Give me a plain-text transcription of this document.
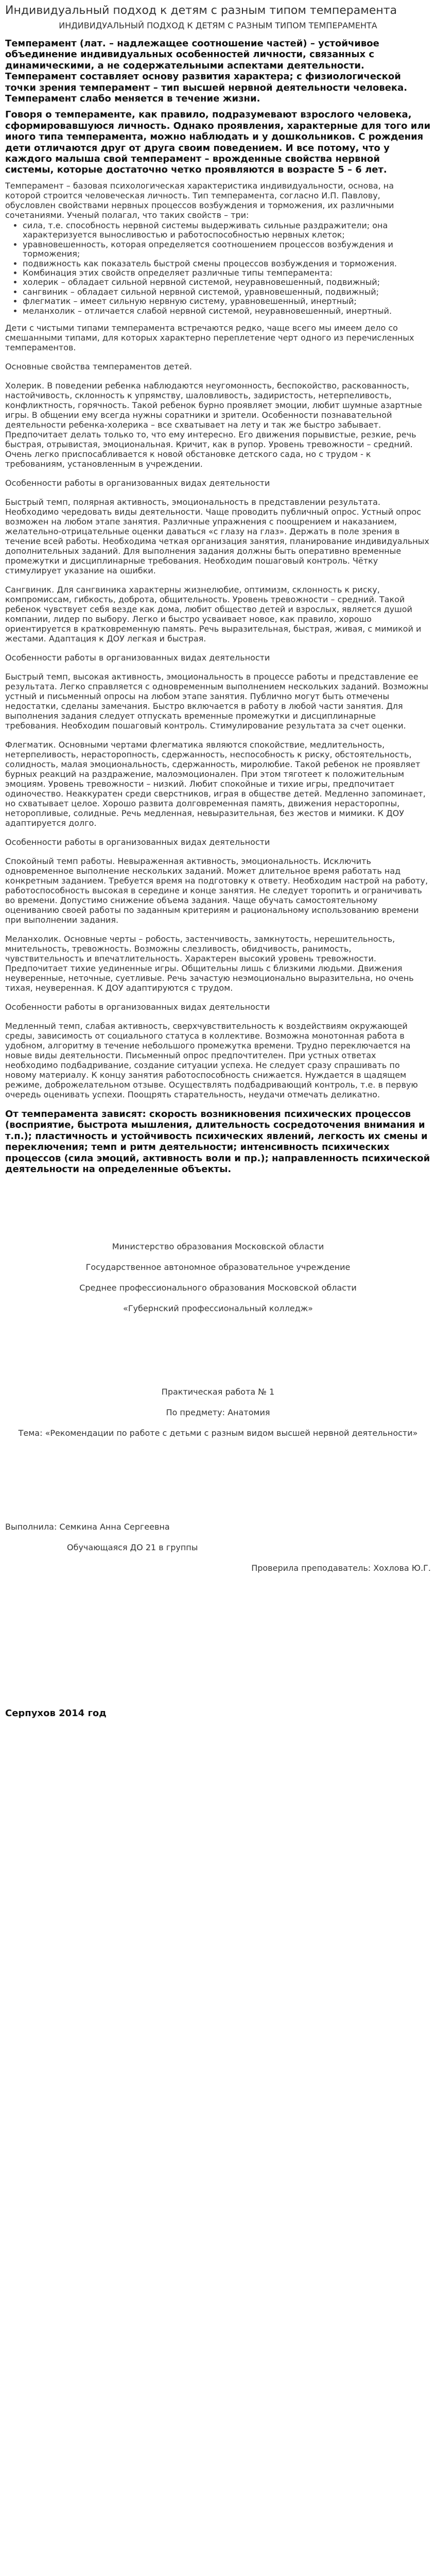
Индивидуальный подход к детям с разным типом темперамента

ИНДИВИДУАЛЬНЫЙ ПОДХОД К ДЕТЯМ С РАЗНЫМ ТИПОМ ТЕМПЕРАМЕНТА

Темперамент (лат. – надлежащее соотношение частей) – устойчивое объединение индивидуальных особенностей личности, связанных с динамическими, а не содержательными аспектами деятельности. Темперамент составляет основу развития характера; с физиологической точки зрения темперамент – тип высшей нервной деятельности человека. Темперамент слабо меняется в течение жизни.

Говоря о темпераменте, как правило, подразумевают взрослого человека, сформировавшуюся личность. Однако проявления, характерные для того или иного типа темперамента, можно наблюдать и у дошкольников. С рождения дети отличаются друг от друга своим поведением. И все потому, что у каждого малыша свой темперамент – врожденные свойства нервной системы, которые достаточно четко проявляются в возрасте 5 – 6 лет.

Темперамент – базовая психологическая характеристика индивидуальности, основа, на которой строится человеческая личность. Тип темперамента, согласно И.П. Павлову, обусловлен свойствами нервных процессов возбуждения и торможения, их различными сочетаниями. Ученый полагал, что таких свойств – три:

• сила, т.е. способность нервной системы выдерживать сильные раздражители; она характеризуется выносливостью и работоспособностью нервных клеток;
• уравновешенность, которая определяется соотношением процессов возбуждения и торможения;
• подвижность как показатель быстрой смены процессов возбуждения и торможения.
• Комбинация этих свойств определяет различные типы темперамента:
• холерик – обладает сильной нервной системой, неуравновешенный, подвижный;
• сангвиник – обладает сильной нервной системой, уравновешенный, подвижный;
• флегматик – имеет сильную нервную систему, уравновешенный, инертный;
• меланхолик – отличается слабой нервной системой, неуравновешенный, инертный.

Дети с чистыми типами темперамента встречаются редко, чаще всего мы имеем дело со смешанными типами, для которых характерно переплетение черт одного из перечисленных темпераментов.

Основные свойства темпераментов детей.

Холерик. В поведении ребенка наблюдаются неугомонность, беспокойство, раскованность, настойчивость, склонность к упрямству, шаловливость, задиристость, нетерпеливость, конфликтность, горячность. Такой ребенок бурно проявляет эмоции, любит шумные азартные игры. В общении ему всегда нужны соратники и зрители. Особенности познавательной деятельности ребенка-холерика – все схватывает на лету и так же быстро забывает. Предпочитает делать только то, что ему интересно. Его движения порывистые, резкие, речь быстрая, отрывистая, эмоциональная. Кричит, как в рупор. Уровень тревожности – средний. Очень легко приспосабливается к новой обстановке детского сада, но с трудом - к требованиям, установленным в учреждении.

Особенности работы в организованных видах деятельности

Быстрый темп, полярная активность, эмоциональность в представлении результата. Необходимо чередовать виды деятельности. Чаще проводить публичный опрос. Устный опрос возможен на любом этапе занятия. Различные упражнения с поощрением и наказанием, желательно-отрицательные оценки даваться «с глазу на глаз». Держать в поле зрения в течение всей работы. Необходима четкая организация занятия, планирование индивидуальных дополнительных заданий. Для выполнения задания должны быть оперативно временные промежутки и дисциплинарные требования. Необходим пошаговый контроль. Чётку стимулирует указание на ошибки.

Сангвиник. Для сангвиника характерны жизнелюбие, оптимизм, склонность к риску, компромиссам, гибкость, доброта, общительность. Уровень тревожности – средний. Такой ребенок чувствует себя везде как дома, любит общество детей и взрослых, является душой компании, лидер по выбору. Легко и быстро усваивает новое, как правило, хорошо ориентируется в кратковременную память. Речь выразительная, быстрая, живая, с мимикой и жестами. Адаптация к ДОУ легкая и быстрая.

Особенности работы в организованных видах деятельности

Быстрый темп, высокая активность, эмоциональность в процессе работы и представление ее результата. Легко справляется с одновременным выполнением нескольких заданий. Возможны устный и письменный опросы на любом этапе занятия. Публично могут быть отмечены недостатки, сделаны замечания. Быстро включается в работу в любой части занятия. Для выполнения задания следует отпускать временные промежутки и дисциплинарные требования. Необходим пошаговый контроль. Стимулирование результата за счет оценки.

Флегматик. Основными чертами флегматика являются спокойствие, медлительность, нетерпеливость, нерасторопность, сдержанность, неспособность к риску, обстоятельность, солидность, малая эмоциональность, сдержанность, миролюбие. Такой ребенок не проявляет бурных реакций на раздражение, малоэмоционален. При этом тяготеет к положительным эмоциям. Уровень тревожности – низкий. Любит спокойные и тихие игры, предпочитает одиночество. Неаккуратен среди сверстников, играя в обществе детей. Медленно запоминает, но схватывает целое. Хорошо развита долговременная память, движения нерасторопны, неторопливые, солидные. Речь медленная, невыразительная, без жестов и мимики. К ДОУ адаптируется долго.

Особенности работы в организованных видах деятельности

Спокойный темп работы. Невыраженная активность, эмоциональность. Исключить одновременное выполнение нескольких заданий. Может длительное время работать над конкретным заданием. Требуется время на подготовку к ответу. Необходим настрой на работу, работоспособность высокая в середине и конце занятия. Не следует торопить и ограничивать во времени. Допустимо снижение объема задания. Чаще обучать самостоятельному оцениванию своей работы по заданным критериям и рациональному использованию времени при выполнении задания.

Меланхолик. Основные черты – робость, застенчивость, замкнутость, нерешительность, мнительность, тревожность. Возможны слезливость, обидчивость, ранимость, чувствительность и впечатлительность. Характерен высокий уровень тревожности. Предпочитает тихие уединенные игры. Общительны лишь с близкими людьми. Движения неуверенные, неточные, суетливые. Речь зачастую неэмоционально выразительна, но очень тихая, неуверенная. К ДОУ адаптируются с трудом.

Особенности работы в организованных видах деятельности

Медленный темп, слабая активность, сверхчувствительность к воздействиям окружающей среды, зависимость от социального статуса в коллективе. Возможна монотонная работа в удобном, алгоритму в течение небольшого промежутка времени. Трудно переключается на новые виды деятельности. Письменный опрос предпочтителен. При устных ответах необходимо подбадривание, создание ситуации успеха. Не следует сразу спрашивать по новому материалу. К концу занятия работоспособность снижается. Нуждается в щадящем режиме, доброжелательном отзыве. Осуществлять подбадривающий контроль, т.е. в первую очередь оценивать успехи. Поощрять старательность, неудачи отмечать деликатно.

От темперамента зависят: скорость возникновения психических процессов (восприятие, быстрота мышления, длительность сосредоточения внимания и т.п.); пластичность и устойчивость психических явлений, легкость их смены и переключения; темп и ритм деятельности; интенсивность психических процессов (сила эмоций, активность воли и пр.); направленность психической деятельности на определенные объекты.

Министерство образования Московской области

Государственное автономное образовательное учреждение

Среднее профессионального образования Московской области

«Губернский профессиональный колледж»

Практическая работа № 1

По предмету: Анатомия

Тема: «Рекомендации по работе с детьми с разным видом высшей нервной деятельности»

Выполнила: Семкина Анна Сергеевна

Обучающаяся ДО 21 в группы

Проверила преподаватель: Хохлова Ю.Г.

Серпухов 2014 год
